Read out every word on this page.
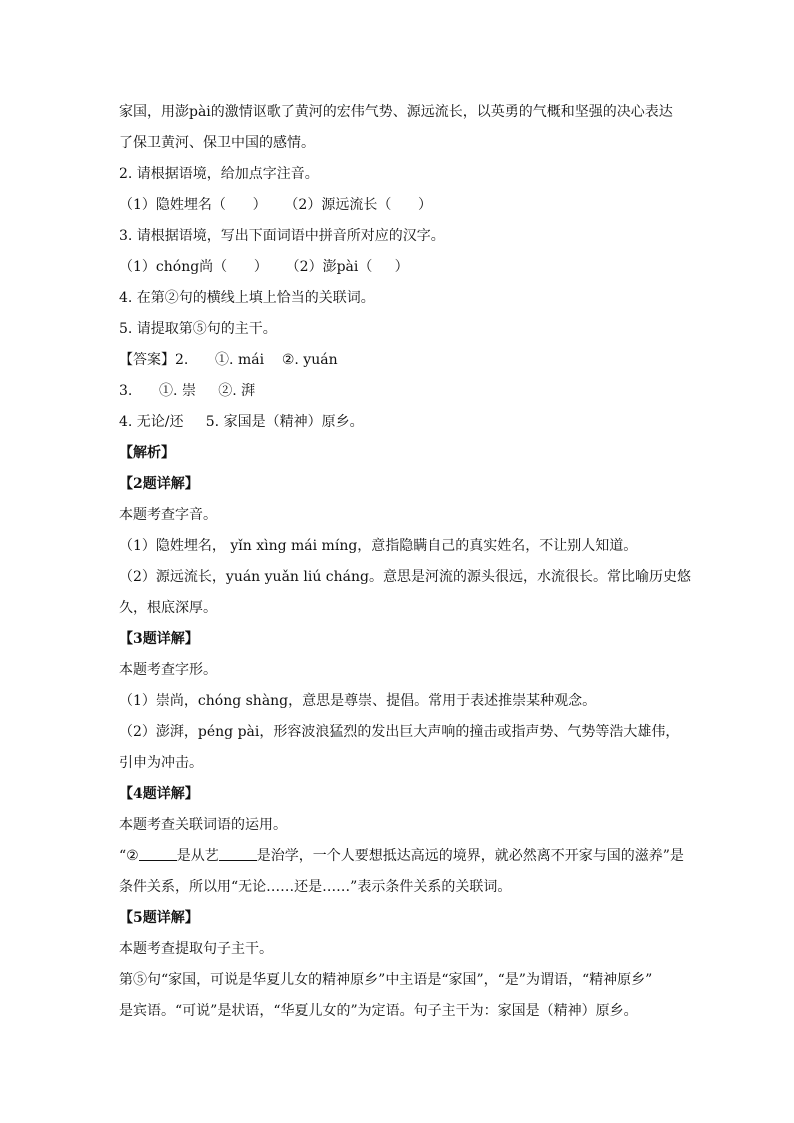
家国，用澎pài的激情讴歌了黄河的宏伟气势、源远流长，以英勇的气概和坚强的决心表达
了保卫黄河、保卫中国的感情。
2. 请根据语境，给加点字注音。
（1）隐姓埋名（      ）    （2）源远流长（      ）
3. 请根据语境，写出下面词语中拼音所对应的汉字。
（1）chóng尚（      ）    （2）澎pài（     ）
4. 在第②句的横线上填上恰当的关联词。
5. 请提取第⑤句的主干。
【答案】2.      ①. mái    ②. yuán
3.      ①. 崇     ②. 湃
4. 无论/还     5. 家国是（精神）原乡。
【解析】
【2题详解】
本题考查字音。
（1）隐姓埋名， yǐn xìng mái míng，意指隐瞒自己的真实姓名，不让别人知道。
（2）源远流长，yuán yuǎn liú cháng。意思是河流的源头很远，水流很长。常比喻历史悠
久，根底深厚。
【3题详解】
本题考查字形。
（1）崇尚，chóng shàng，意思是尊崇、提倡。常用于表述推崇某种观念。
（2）澎湃，péng pài，形容波浪猛烈的发出巨大声响的撞击或指声势、气势等浩大雄伟，
引申为冲击。
【4题详解】
本题考查关联词语的运用。
“②	是从艺	是治学，一个人要想抵达高远的境界，就必然离不开家与国的滋养”是
条件关系，所以用“无论……还是……”表示条件关系的关联词。
【5题详解】
本题考查提取句子主干。
第⑤句“家国，可说是华夏儿女的精神原乡”中主语是“家国”，“是”为谓语，“精神原乡”
是宾语。“可说”是状语，“华夏儿女的”为定语。句子主干为：家国是（精神）原乡。
